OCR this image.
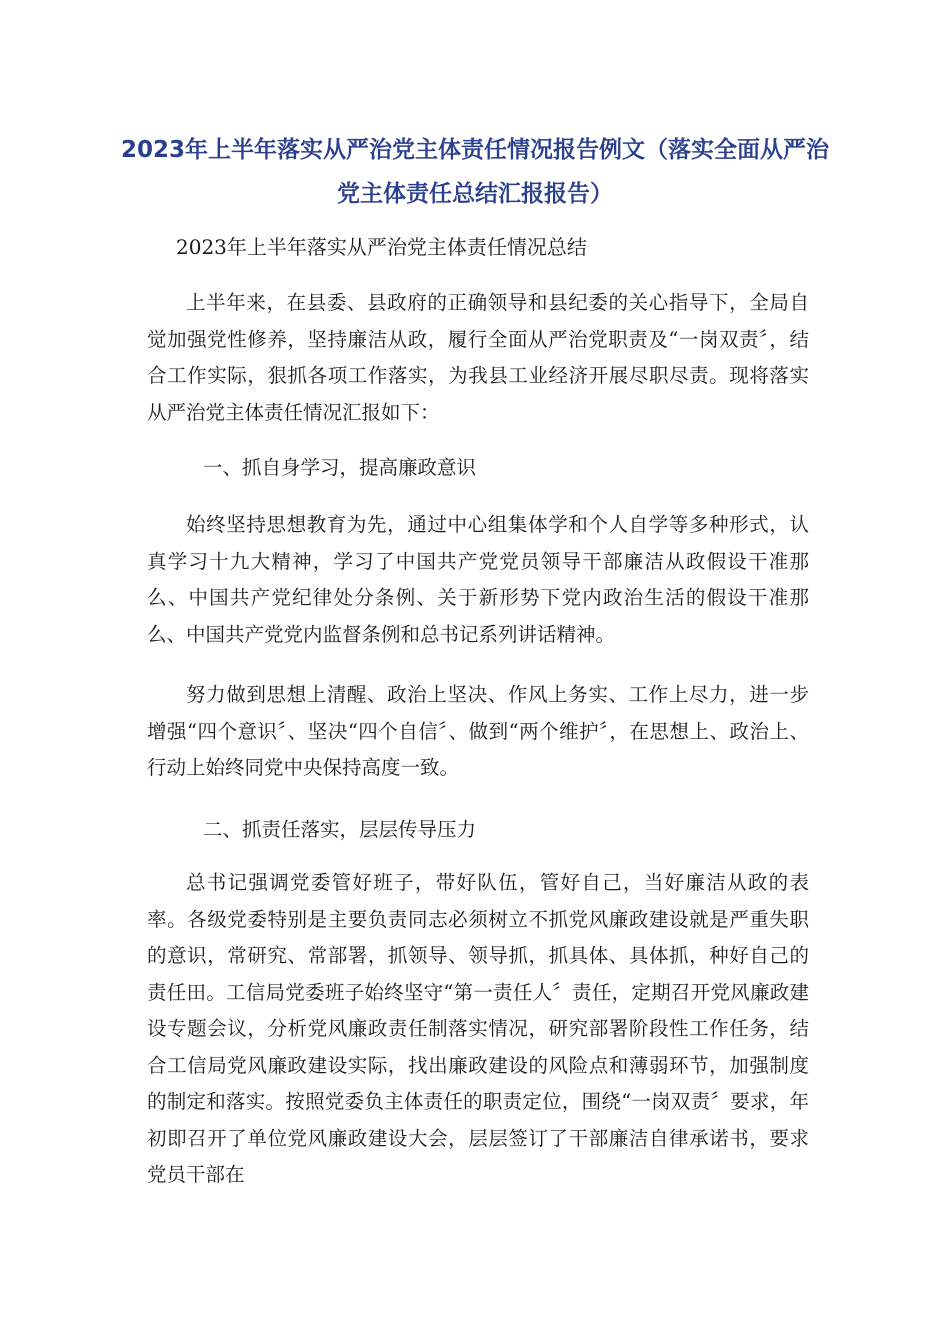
2023年上半年落实从严治党主体责任情况报告例文（落实全面从严治党主体责任总结汇报报告）
2023年上半年落实从严治党主体责任情况总结

上半年来，在县委、县政府的正确领导和县纪委的关心指导下，全局自觉加强党性修养，坚持廉洁从政，履行全面从严治党职责及“一岗双责〞，结合工作实际，狠抓各项工作落实，为我县工业经济开展尽职尽责。现将落实从严治党主体责任情况汇报如下：

一、抓自身学习，提高廉政意识

始终坚持思想教育为先，通过中心组集体学和个人自学等多种形式，认真学习十九大精神，学习了中国共产党党员领导干部廉洁从政假设干准那么、中国共产党纪律处分条例、关于新形势下党内政治生活的假设干准那么、中国共产党党内监督条例和总书记系列讲话精神。

努力做到思想上清醒、政治上坚决、作风上务实、工作上尽力，进一步增强“四个意识〞、坚决“四个自信〞、做到“两个维护〞，在思想上、政治上、行动上始终同党中央保持高度一致。

二、抓责任落实，层层传导压力

总书记强调党委管好班子，带好队伍，管好自己，当好廉洁从政的表率。各级党委特别是主要负责同志必须树立不抓党风廉政建设就是严重失职的意识，常研究、常部署，抓领导、领导抓，抓具体、具体抓，种好自己的责任田。工信局党委班子始终坚守“第一责任人〞责任，定期召开党风廉政建设专题会议，分析党风廉政责任制落实情况，研究部署阶段性工作任务，结合工信局党风廉政建设实际，找出廉政建设的风险点和薄弱环节，加强制度的制定和落实。按照党委负主体责任的职责定位，围绕“一岗双责〞要求，年初即召开了单位党风廉政建设大会，层层签订了干部廉洁自律承诺书，要求党员干部在
